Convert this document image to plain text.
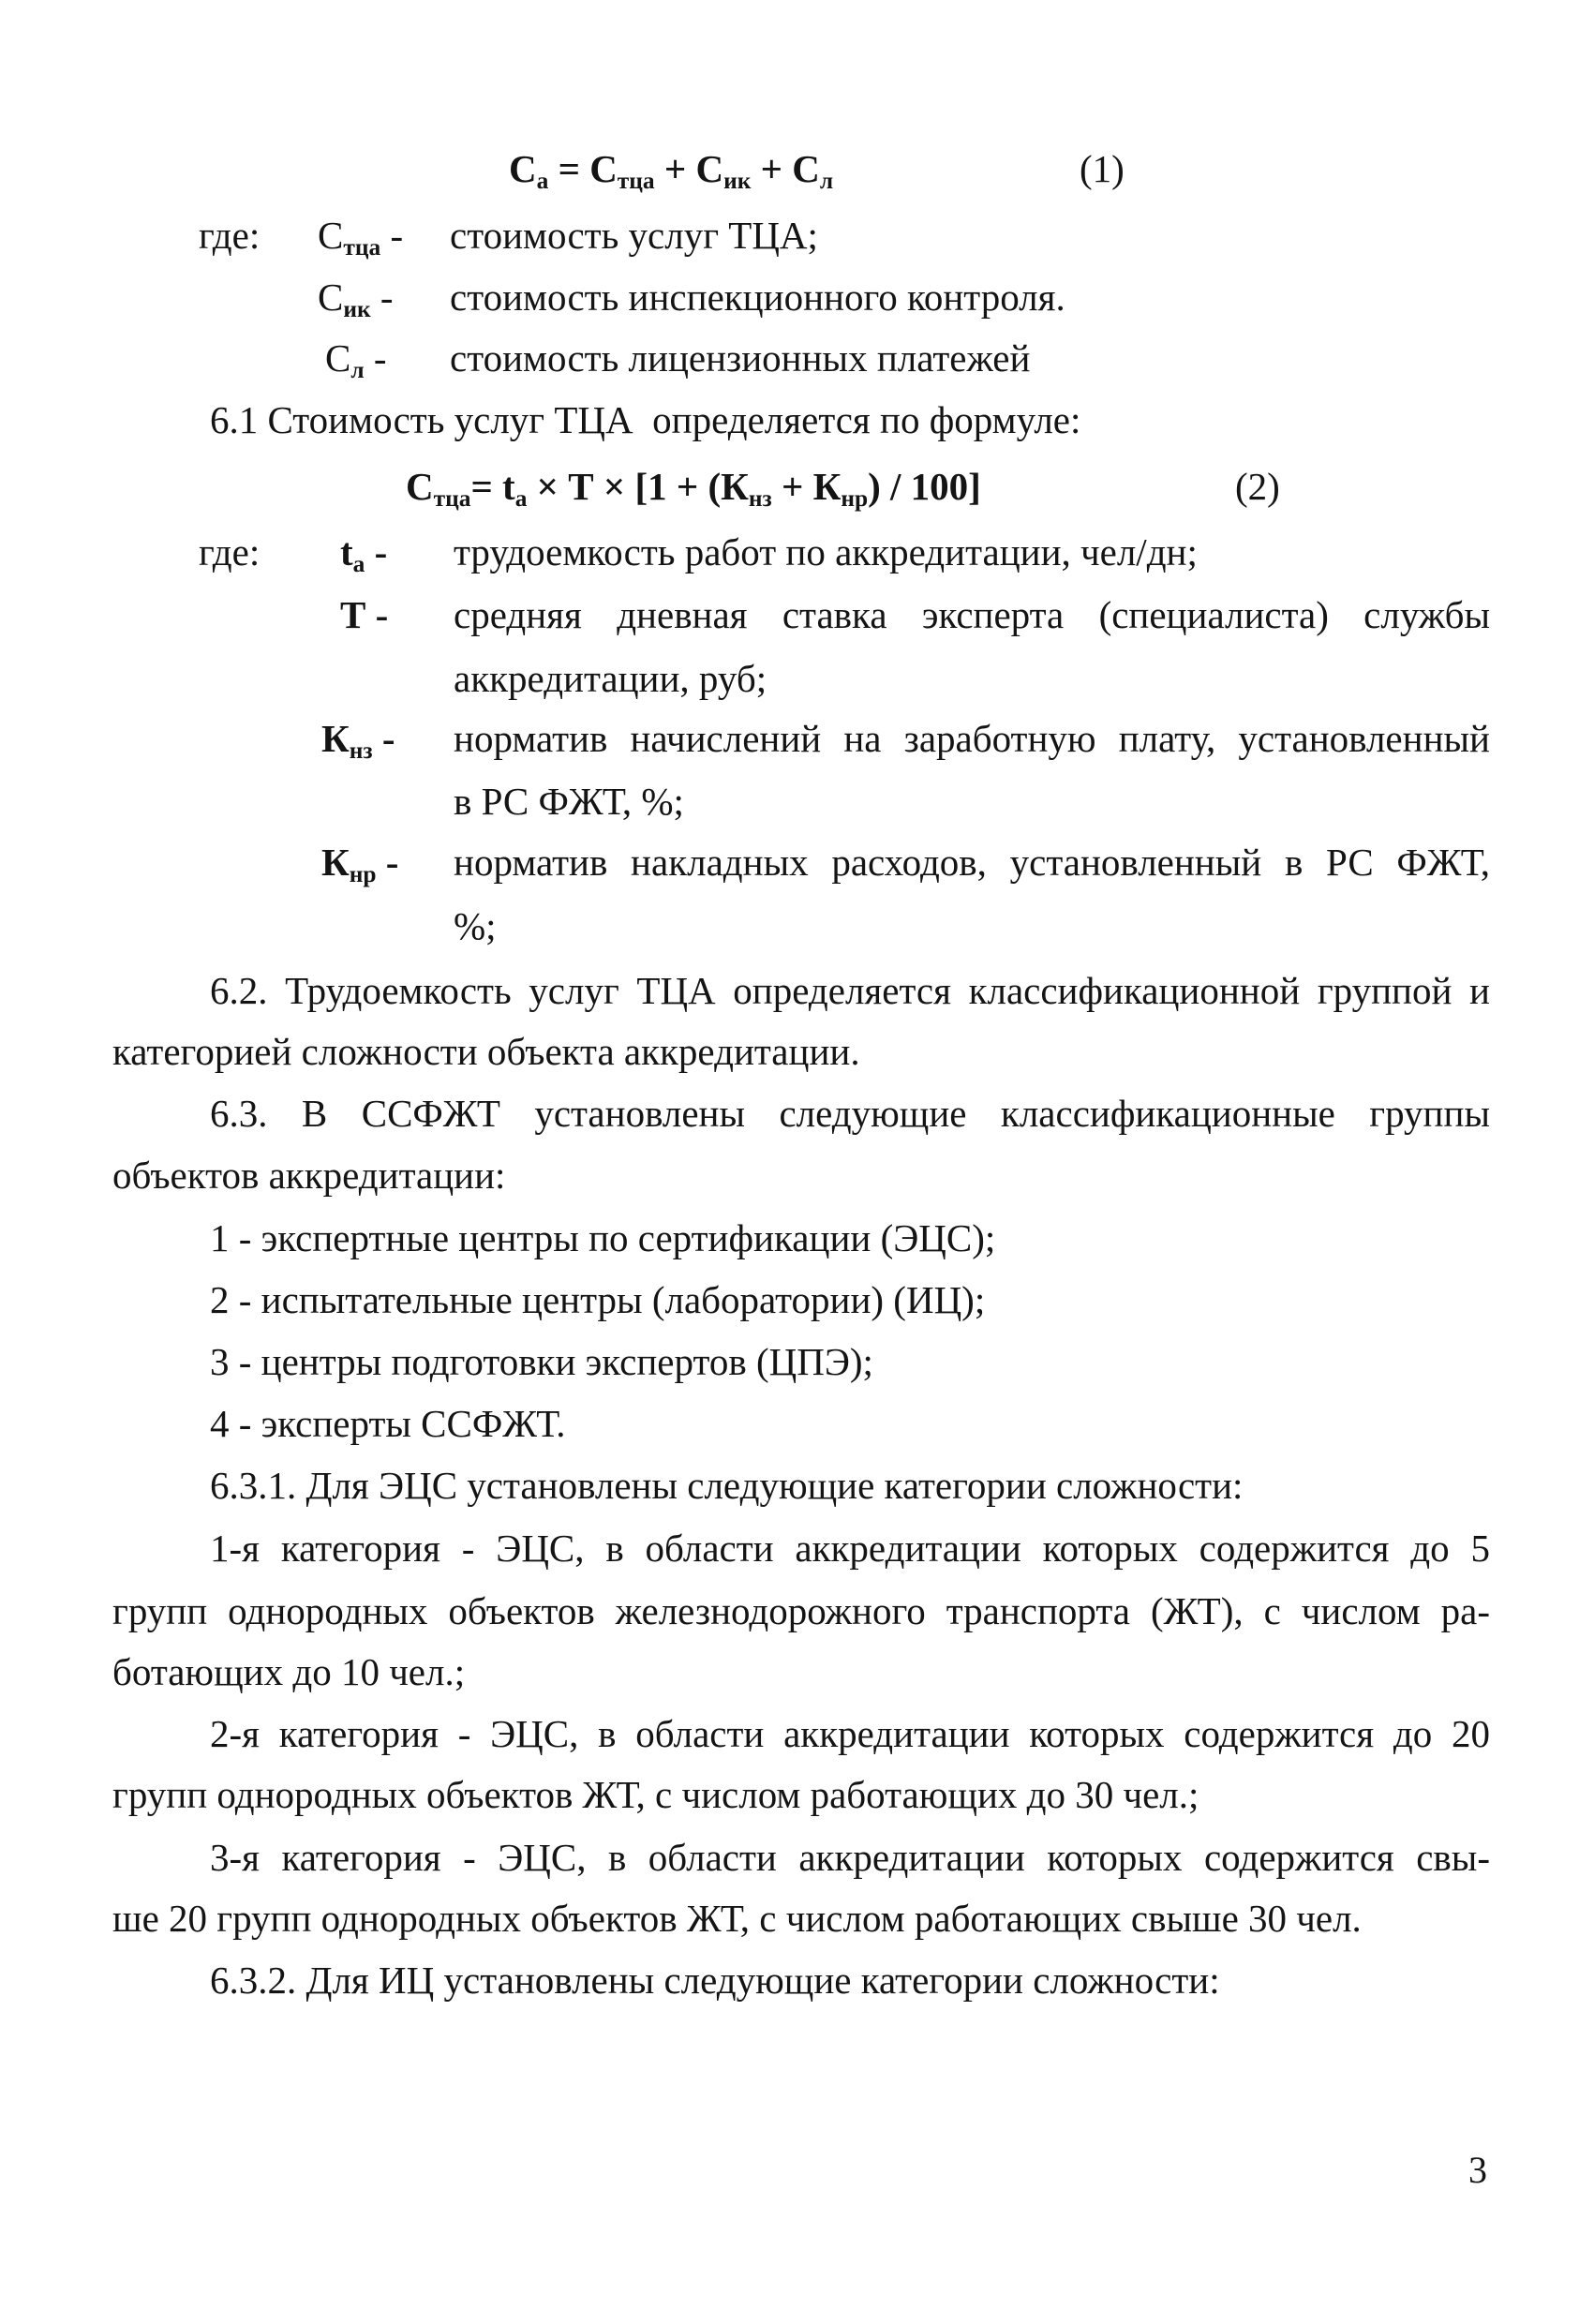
$С_а = С_{тца} + С_{ик} + С_л$	(1)
где: $С_{тца}$ - стоимость услуг ТЦА;
$С_{ик}$ - стоимость инспекционного контроля.
$С_л$ - стоимость лицензионных платежей
6.1 Стоимость услуг ТЦА  определяется по формуле:
$С_{тца}= t_а \times Т \times [1 + (К_{нз} + К_{нр}) / 100]$	(2)
где: $t_а$ - трудоемкость работ по аккредитации, чел/дн;
Т - средняя дневная ставка эксперта (специалиста) службы
аккредитации, руб;
$К_{нз}$ - норматив начислений на заработную плату, установленный
в РС ФЖТ, %;
$К_{нр}$ - норматив накладных расходов, установленный в РС ФЖТ,
%;
6.2. Трудоемкость услуг ТЦА определяется классификационной группой и
категорией сложности объекта аккредитации.
6.3. В ССФЖТ установлены следующие классификационные группы
объектов аккредитации:
1 - экспертные центры по сертификации (ЭЦС);
2 - испытательные центры (лаборатории) (ИЦ);
3 - центры подготовки экспертов (ЦПЭ);
4 - эксперты ССФЖТ.
6.3.1. Для ЭЦС установлены следующие категории сложности:
1-я категория - ЭЦС, в области аккредитации которых содержится до 5
групп однородных объектов железнодорожного транспорта (ЖТ), с числом ра-
ботающих до 10 чел.;
2-я категория - ЭЦС, в области аккредитации которых содержится до 20
групп однородных объектов ЖТ, с числом работающих до 30 чел.;
3-я категория - ЭЦС, в области аккредитации которых содержится свы-
ше 20 групп однородных объектов ЖТ, с числом работающих свыше 30 чел.
6.3.2. Для ИЦ установлены следующие категории сложности:
3
